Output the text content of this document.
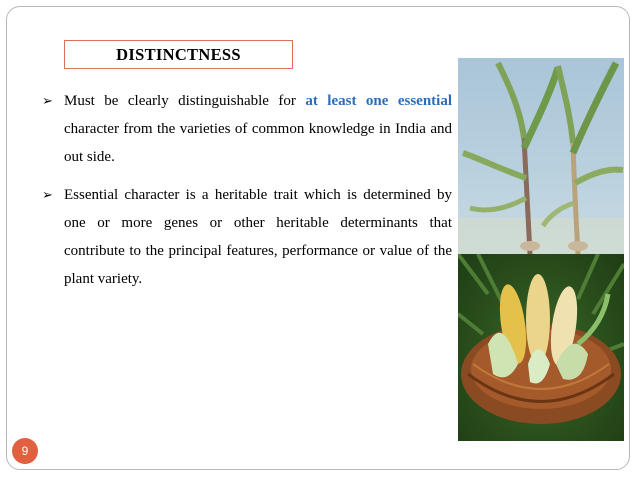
DISTINCTNESS
➢ Must be clearly distinguishable for at least one essential character from the varieties of common knowledge in India and out side.
➢ Essential character is a heritable trait which is determined by one or more genes or other heritable determinants that contribute to the principal features, performance or value of the plant variety.
9
